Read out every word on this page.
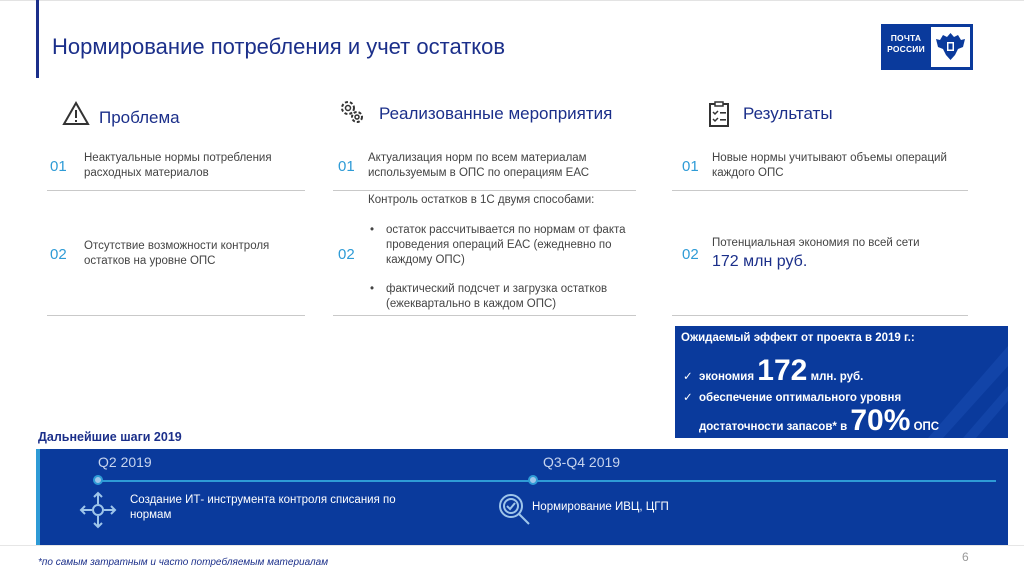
Нормирование потребления и учет остатков	ПОЧТА РОССИИ
Проблема
01 Неактуальные нормы потребления расходных материалов
02 Отсутствие возможности контроля остатков на уровне ОПС
Реализованные мероприятия
01 Актуализация норм по всем материалам используемым в ОПС по операциям ЕАС
Контроль остатков в 1С двумя способами:
02
• остаток рассчитывается по нормам от факта проведения операций ЕАС (ежедневно по каждому ОПС)
• фактический подсчет и загрузка остатков (ежеквартально в каждом ОПС)
Результаты
01 Новые нормы учитывают объемы операций каждого ОПС
02
Потенциальная экономия по всей сети
172 млн руб.
Ожидаемый эффект от проекта в 2019 г.:
✓ экономия 172 млн. руб.
✓ обеспечение оптимального уровня
достаточности запасов* в 70% ОПС
Дальнейшие шаги 2019
Q2 2019	Q3-Q4 2019
Создание ИТ- инструмента контроля списания по нормам
Нормирование ИВЦ, ЦГП
*по самым затратным и часто потребляемым материалам	6
